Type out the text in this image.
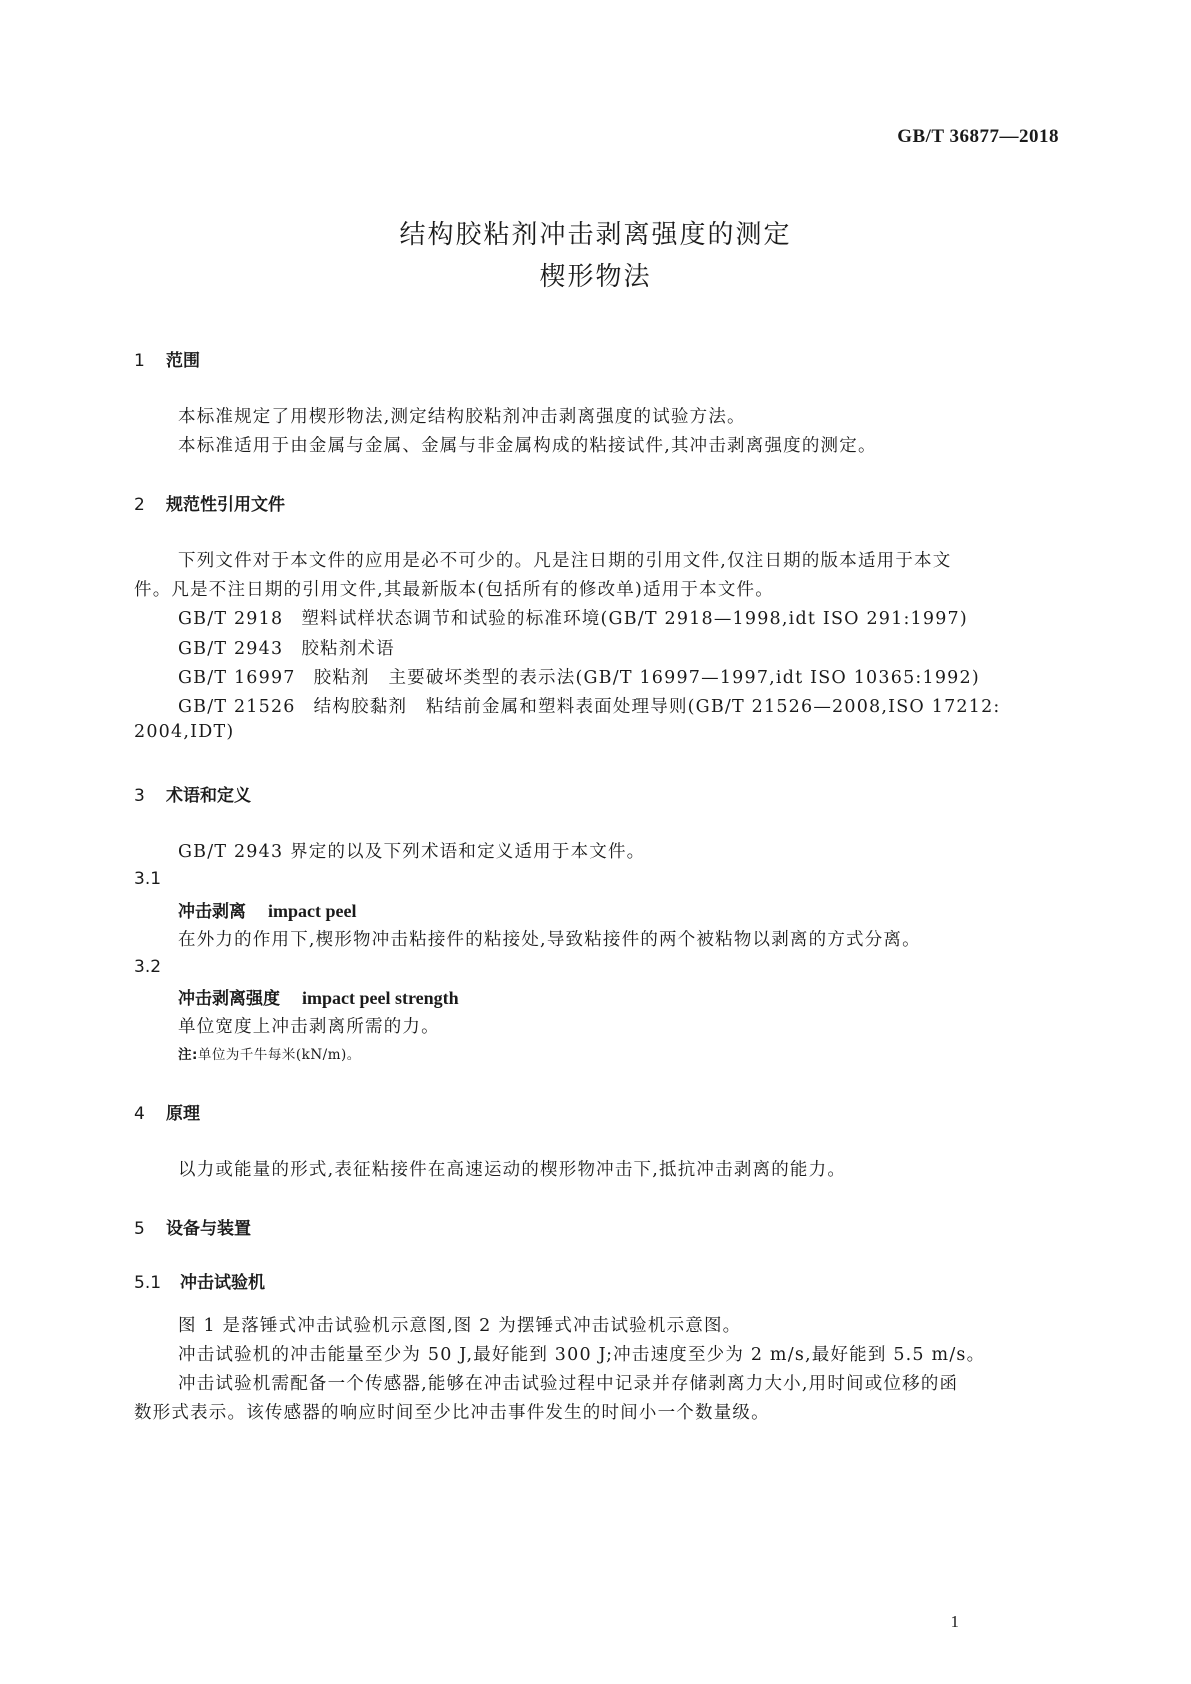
GB/T 36877—2018
结构胶粘剂冲击剥离强度的测定
楔形物法
1 范围
本标准规定了用楔形物法,测定结构胶粘剂冲击剥离强度的试验方法。
本标准适用于由金属与金属、金属与非金属构成的粘接试件,其冲击剥离强度的测定。
2 规范性引用文件
下列文件对于本文件的应用是必不可少的。凡是注日期的引用文件,仅注日期的版本适用于本文
件。凡是不注日期的引用文件,其最新版本(包括所有的修改单)适用于本文件。
GB/T 2918 塑料试样状态调节和试验的标准环境(GB/T 2918—1998,idt ISO 291:1997)
GB/T 2943 胶粘剂术语
GB/T 16997 胶粘剂　主要破坏类型的表示法(GB/T 16997—1997,idt ISO 10365:1992)
GB/T 21526 结构胶黏剂　粘结前金属和塑料表面处理导则(GB/T 21526—2008,ISO 17212:
2004,IDT)
3 术语和定义
GB/T 2943 界定的以及下列术语和定义适用于本文件。
3.1
冲击剥离 impact peel
在外力的作用下,楔形物冲击粘接件的粘接处,导致粘接件的两个被粘物以剥离的方式分离。
3.2
冲击剥离强度 impact peel strength
单位宽度上冲击剥离所需的力。
注:单位为千牛每米(kN/m)。
4 原理
以力或能量的形式,表征粘接件在高速运动的楔形物冲击下,抵抗冲击剥离的能力。
5 设备与装置
5.1 冲击试验机
图 1 是落锤式冲击试验机示意图,图 2 为摆锤式冲击试验机示意图。
冲击试验机的冲击能量至少为 50 J,最好能到 300 J;冲击速度至少为 2 m/s,最好能到 5.5 m/s。
冲击试验机需配备一个传感器,能够在冲击试验过程中记录并存储剥离力大小,用时间或位移的函
数形式表示。该传感器的响应时间至少比冲击事件发生的时间小一个数量级。
1
